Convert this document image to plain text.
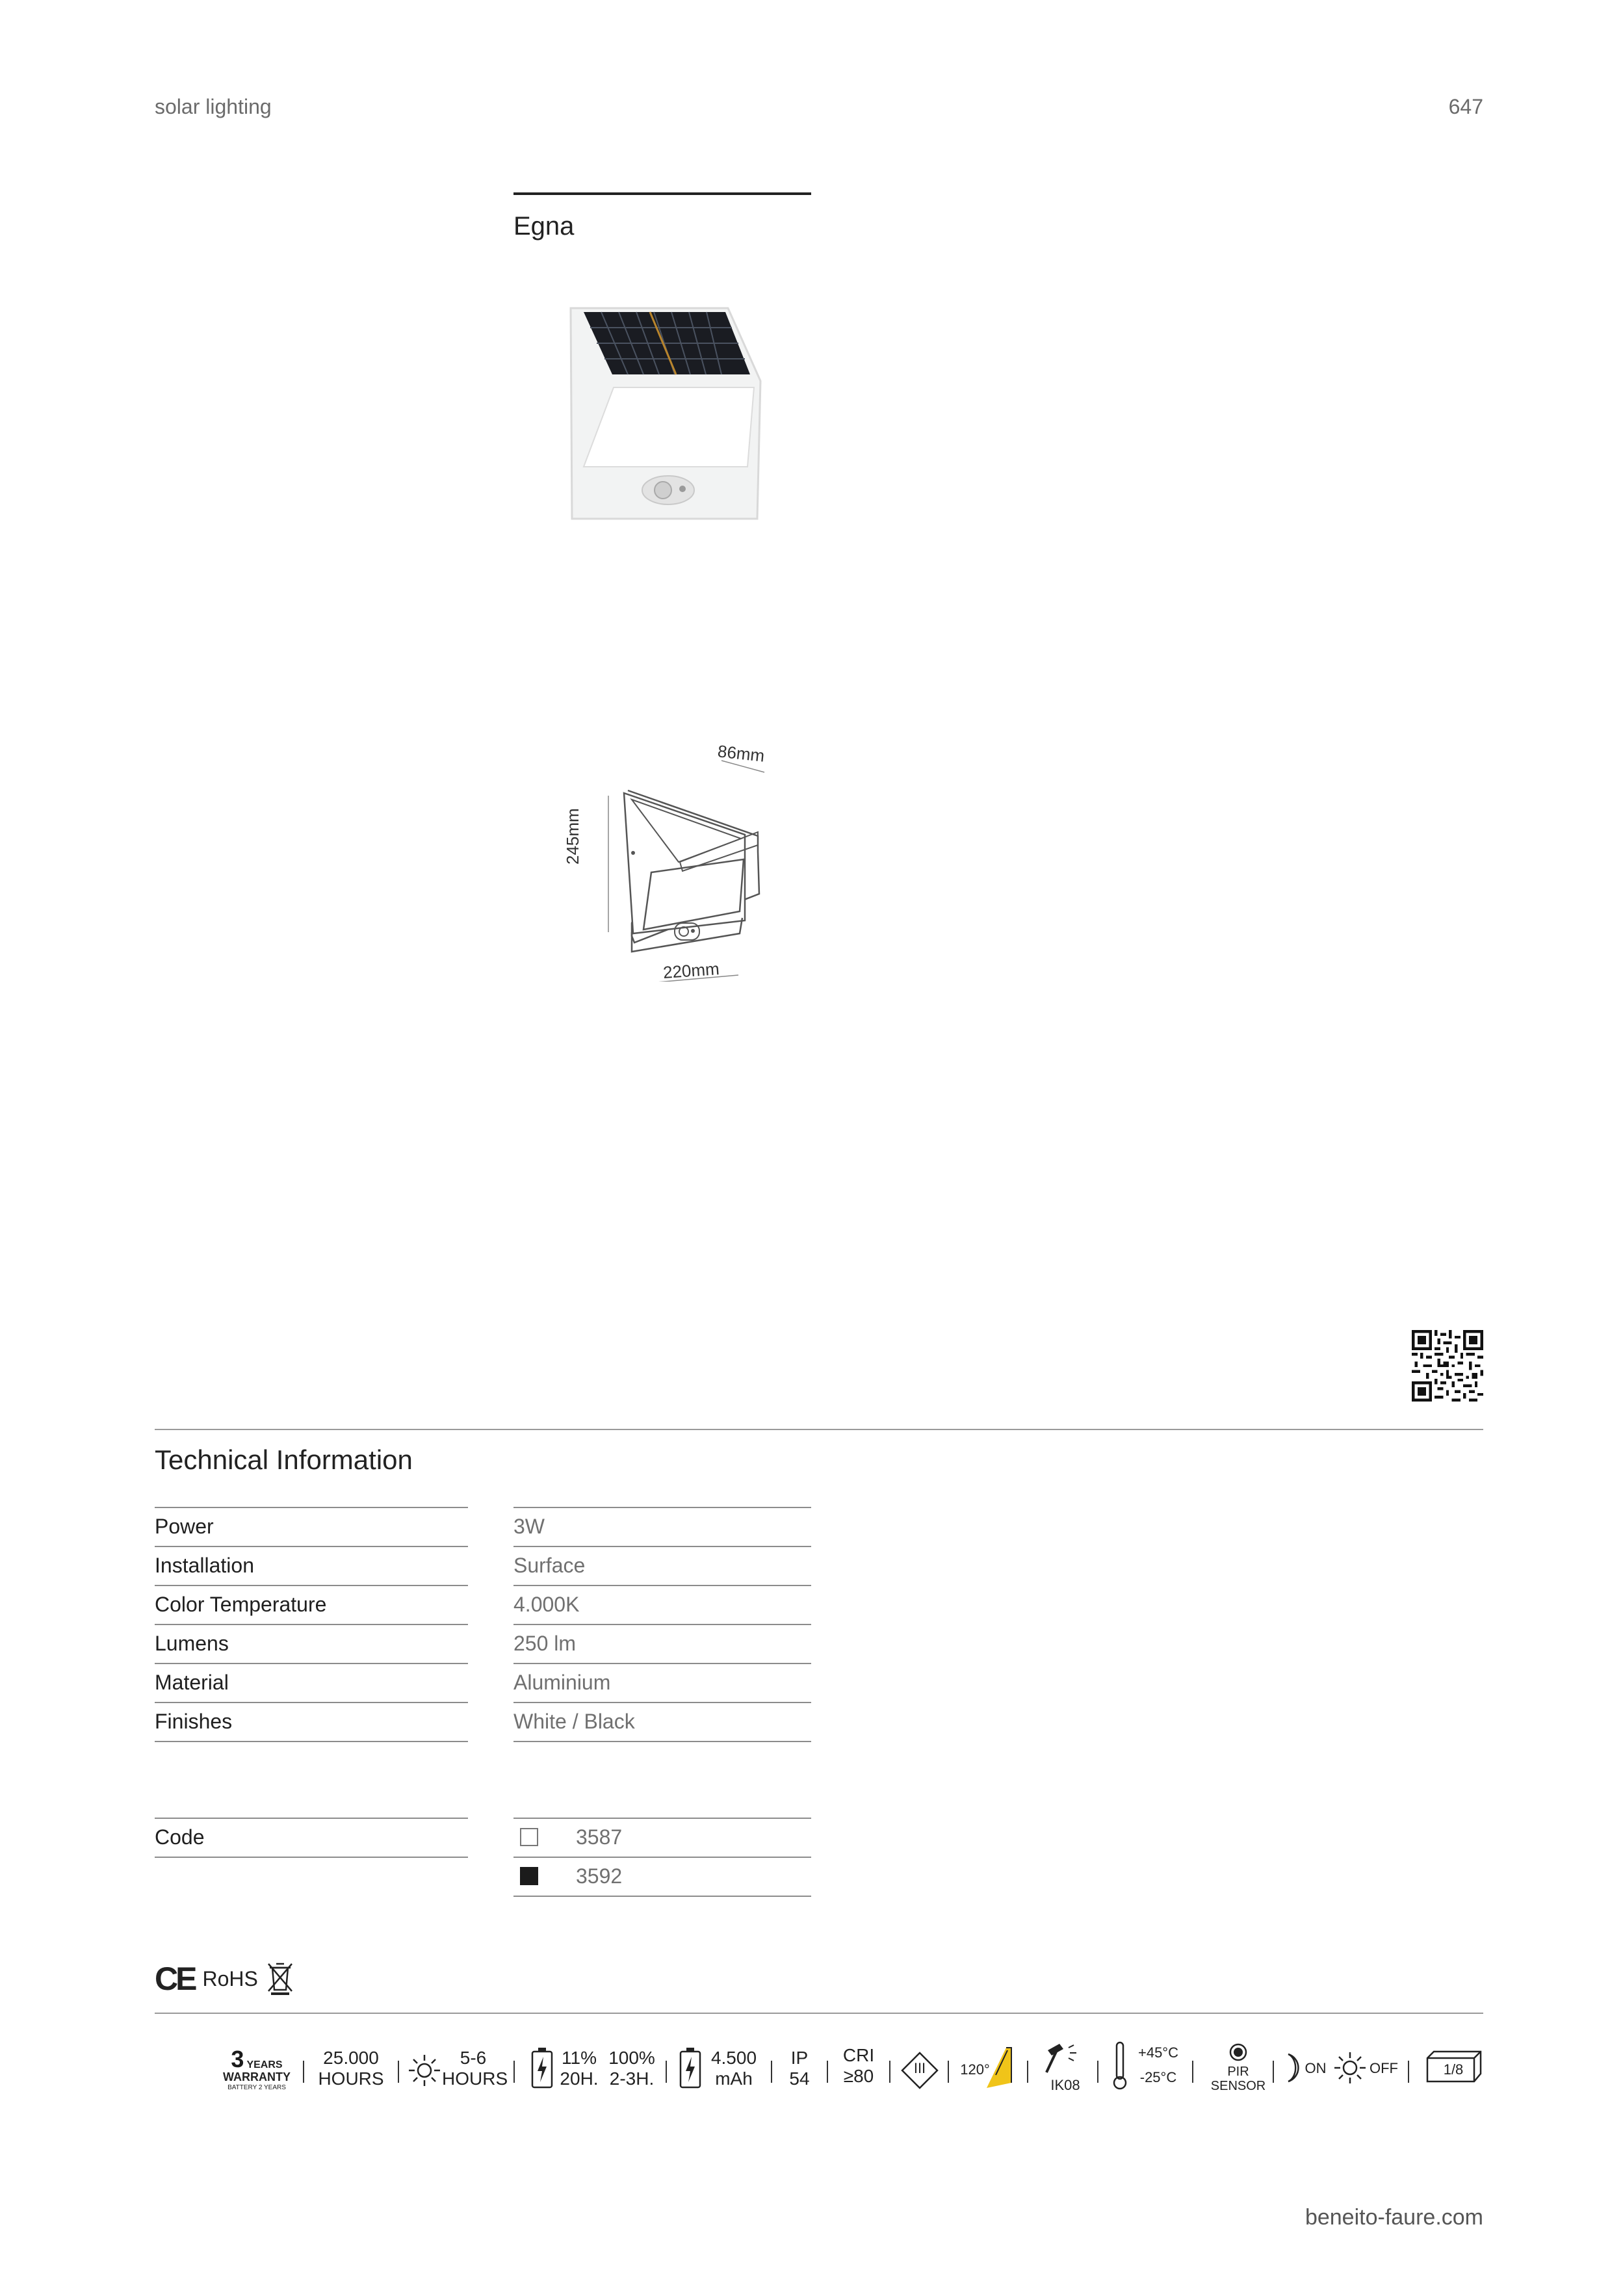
solar lighting	647
Egna
86mm
245mm
220mm
Technical Information
Power	3W
Installation	Surface
Color Temperature	4.000K
Lumens	250 lm
Material	Aluminium
Finishes	White / Black
Code	3587
3592
CE RoHS
3 YEARS
WARRANTY
BATTERY 2 YEARS
25.000
HOURS
5-6
HOURS
11%
20H.
100%
2-3H.
4.500
mAh
IP
54
CRI
≥80	III	120°
IK08
+45°C
-25°C	PIR
SENSOR
ON	OFF	1/8
beneito-faure.com
